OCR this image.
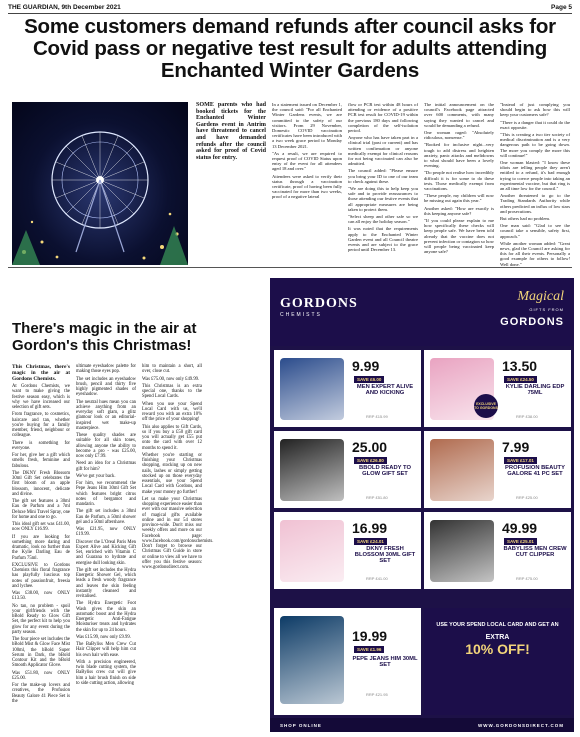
THE GUARDIAN, 9th December 2021	Page 5
Some customers demand refunds after council asks for Covid pass or negative test result for adults attending Enchanted Winter Gardens

SOME parents who had booked tickets for the Enchanted Winter Gardens event in Antrim have threatened to cancel and have demanded refunds after the council asked for proof of Covid status for entry.

In a statement issued on December 1, the council said: "For all Enchanted Winter Gardens events, we are committed to the safety of our visitors. From 29 November, Domestic COVID vaccination certificates have been introduced with a two week grace period to Monday 13 December 2021.

"As a result, we are required to request proof of COVID Status upon entry of the event for all attendees aged 18 and over."

Attendees were asked to verify their status through a vaccination certificate, proof of having been fully vaccinated for more than two weeks, proof of a negative lateral

flow or PCR test within 48 hours of attending or evidence of a positive PCR test result for COVID-19 within the previous 180 days and following completion of the self-isolation period.

Anyone who has have taken part in a clinical trial (past or current) and has written confirmation or anyone medically exempt for clinical reasons for not being vaccinated can also be admitted.

The council added: "Please ensure you bring your ID to one of our team to check against these.

"We are doing this to help keep you safe and to provide reassurances to those attending our festive events that all appropriate measures are being taken to protect them.

"Select sheep and other safe so we can all enjoy the holiday season."

It was noted that the requirements apply to the Enchanted Winter Garden event and all Council theatre events and are subject to the grace period until December 13.

The initial announcement on the council's Facebook page attracted over 600 comments, with many saying they wanted to cancel and would be demanding a refund.

One woman raged: "Absolutely ridiculous, nonsense."

"Booked for inclusive night...very tough to add distress and heighten anxiety, panic attacks and meltdowns to what should have been a lovely evening.

"Do people not realise how incredibly difficult it is for some to do these tests. Those medically exempt from vaccinations.

"These people, my children will now be missing out again this year."

Another asked: "How are exactly is this keeping anyone safe?

"If you could please explain to me how specifically these checks will keep people safe. We have been told already that the vaccine does not prevent infection or contagion so how will people being vaccinated keep anyone safe?

"Instead of just complying you should begin to ask how this will keep your customers safe?

"There is a danger that it could do the exact opposite.

"This is creating a two tier society of medical discrimination and is a very dangerous path to be going down. The more you comply the more this will continue!"

One woman blasted: "I know these idiots are telling people they aren't entitled to a refund, it's bad enough trying to coerce people into taking an experimental vaccine, but that ring is an all time low for the council."

Another threatened to go to the Trading Standards Authority while others predicted an influx of low stars and prosecutions.

But others had no problem.

One man said: "Glad to see the council take a sensible, safety first, approach."

While another woman added: "Great news, glad the Council are asking for this for all their events. Personally a good example for others to follow! Well done."

There's magic in the air at Gordon's this Christmas!

This Christmas, there's magic in the air at Gordons Chemists.

At Gordons Chemists, we want to make giving the festive season easy, which is why we have increased our selection of gift sets.

From fragrance, to cosmetics, haircare and tan, whether you're buying for a family member, friend, neighbour or colleague.

There is something for everyone.

For her, give her a gift which smells fresh, feminine and fabulous.

The DKNY Fresh Blossom 30ml Gift Set celebrates the first bloom of an apple blossom, innocent, delicate and divine.

The gift set features a 30ml Eau de Parfum and a 7ml Deluxe Mini Travel Spray, one for home and one to go.

This ideal gift set was £41.00, now ONLY £16.99.

If you are looking for something more daring and dramatic, look no further than the Kylie Darling Eau de Parfum 75ml.

EXCLUSIVE to Gordons Chemists this floral fragrance has playfully luscious top notes of passionfruit, freesia and lychee.

Was £38.00, now ONLY £13.50.

No tan, no problem - spoil your girlfriends with the bBold Ready to Glow Gift Set, the perfect kit to help you glow for any event during the party season.

The four piece set includes the bBold Mist & Glow Face Mist 100ml, the bBold Super Serum in Dark, the bBold Contour Kit and the bBold Smooth Applicator Glove.

Was £51.80, now ONLY £25.00.

For the make-up lovers and creatives, the Profusion Beauty Galore 41 Piece Set is the

ultimate eyeshadow palette for making those eyes pop.

The set includes an eyeshadow brush, pencil and thirty five highly pigmented shades of eyeshadow.

The neutral hues mean you can achieve anything from an everyday soft glam, a glitz glamour look or an editorial-inspired wet make-up masterpiece.

These quality shades are suitable for all skin tones, allowing anyone the ability to become a pro - was £25.00, now only £7.99.

Need an idea for a Christmas gift for him?

We've got your back.

For him, we recommend the Pepe Jeans Him 30ml Gift Set which features bright citrus notes of bergamot and mandarin.

The gift set includes a 30ml Eau de Parfum, a 50ml shower gel and a 50ml aftershave.

Was £21.95, now ONLY £19.99.

Discover the L'Oreal Paris Men Expert Alive and Kicking Gift Set, enriched with Vitamin C and Guarana to hydrate and energise dull looking skin.

The gift set includes the Hydra Energetic Shower Gel, which leads a fresh woody fragrance and leaves the skin feeling instantly cleansed and revitalised.

The Hydra Energetic Foot Wash gives the skin an automatic boost and the Hydra Energetic Anti-Fatigue Moisturiser treats and hydrates the skin for up to 24 hours.

Was £15.99, now only £9.99.

The BaByliss Men Crew Cut Hair Clipper will help him cut his own hair with ease.

With a precision engineered, twin blade cutting system, the BaByliss crew cut will give him a hair brush finish on side to side cutting action, allowing

him to maintain a short, all over, close cut.

Was £75.00, now only £49.99.

This Christmas is an extra special one, thanks to the Spend Local Cards.

When you use your Spend Local Card with us, we'll reward you with an extra 10% off the price of your shopping!

This also applies to Gift Cards, so if you buy a £50 gift card you will actually get £55 put onto the card with over 12 months to spend it.

Whether you're starting or finishing your Christmas shopping, stocking up on new nails, lashes or simply getting stocked up on those everyday essentials, use your Spend Local Card with Gordons, and make your money go further!

Let us make your Christmas shopping experience easier than ever with our massive selection of magical gifts available online and in our 54 stores province-wide. Don't miss our weekly offers and more on our Facebook page: www.facebook.com/gordonschemists. Don't forget to browse our Christmas Gift Guide in store or online to view all we have to offer you this festive season: www.gordonsdirect.com.

GORDONS
CHEMISTS
Magical
GIFTS FROM
GORDONS
9.99
SAVE £6.00
MEN EXPERT ALIVE AND KICKING
RRP £15.99
13.50
SAVE £24.50
KYLIE DARLING EDP 75ML
RRP £38.00
EXCLUSIVE TO GORDONS
25.00
SAVE £26.80
BBOLD READY TO GLOW GIFT SET
RRP £51.80
7.99
SAVE £17.01
PROFUSION BEAUTY GALORE 41 PC SET
RRP £25.00
16.99
SAVE £24.01
DKNY FRESH BLOSSOM 30ML GIFT SET
RRP £41.00
49.99
SAVE £25.01
BABYLISS MEN CREW CUT CLIPPER
RRP £75.00
19.99
SAVE £1.96
PEPE JEANS HIM 30ML SET
RRP £21.95
USE YOUR SPEND LOCAL CARD AND GET AN
EXTRA
10% OFF!
SHOP ONLINE	WWW.GORDONSDIRECT.COM
